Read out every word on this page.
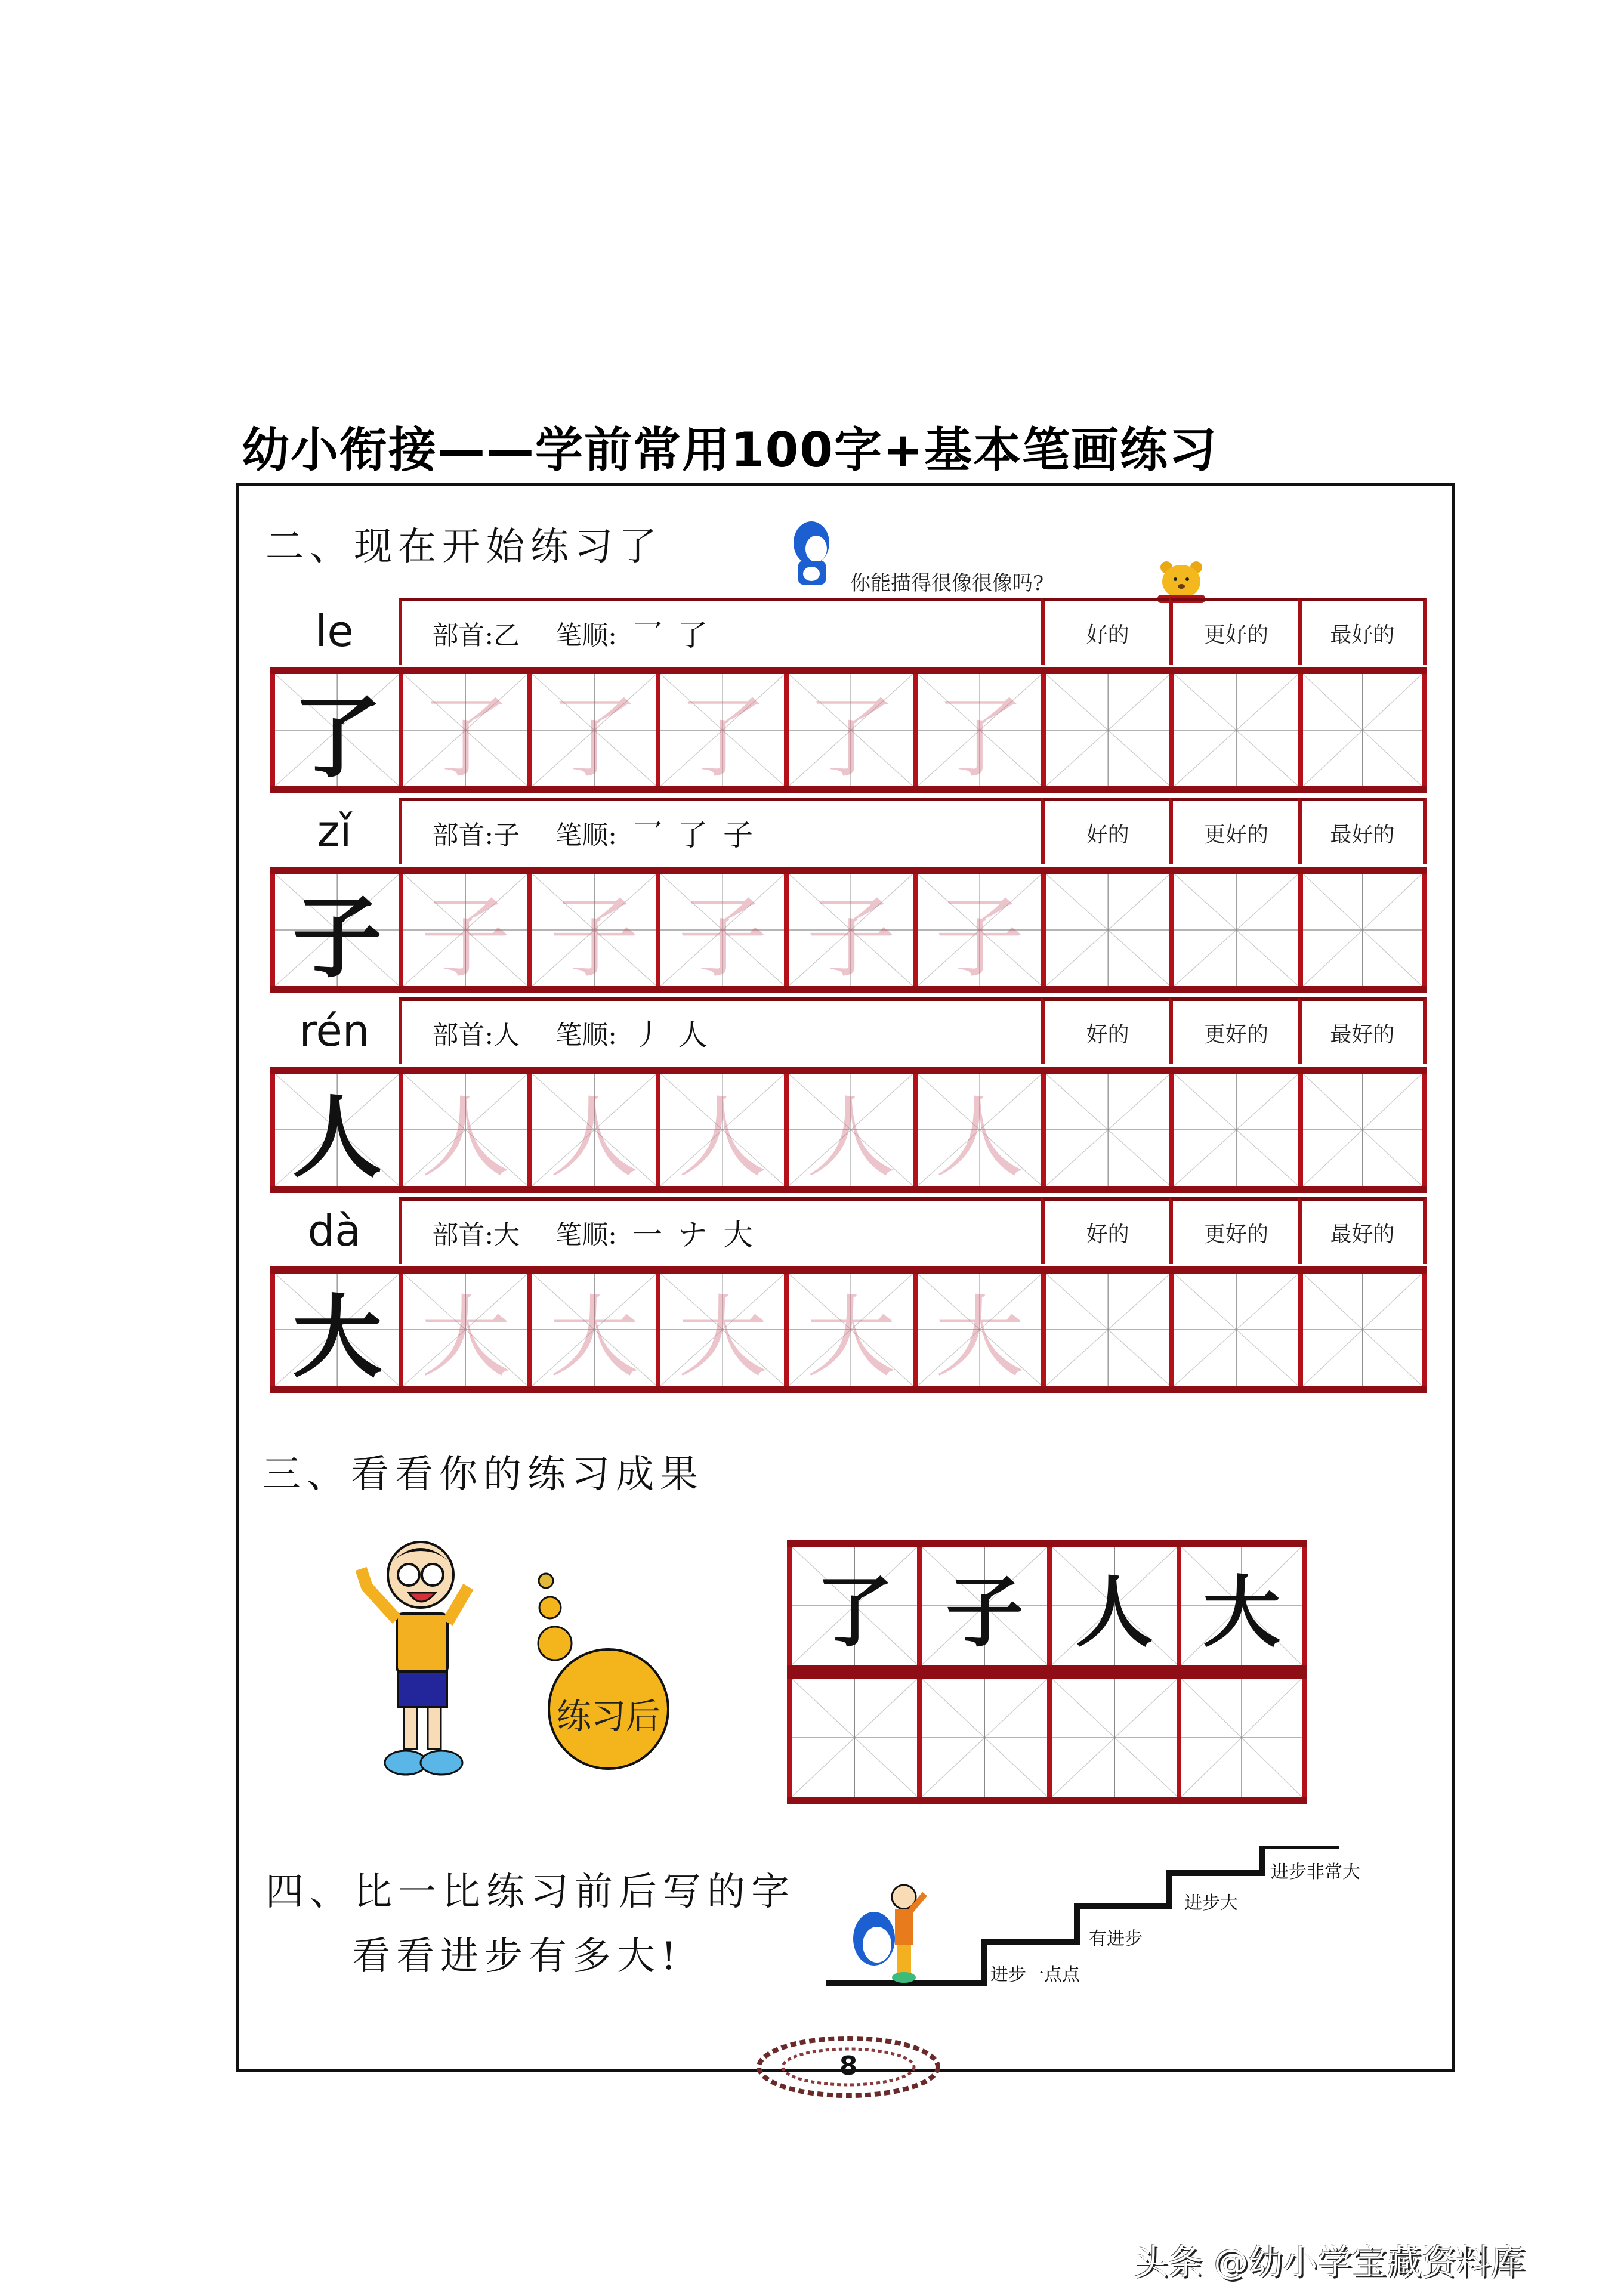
幼小衔接——学前常用100字+基本笔画练习
二、现在开始练习了
你能描得很像很像吗?
le	部首: 乙 笔顺: 乛 了	好的	更好的	最好的
了 了 了 了 了 了
zǐ	部首: 子 笔顺: 乛 了 子	好的	更好的	最好的
子 子 子 子 子 子
rén	部首: 人 笔顺: 丿 人	好的	更好的	最好的
人 人 人 人 人 人
dà	部首: 大 笔顺: 一 ナ 大	好的	更好的	最好的
大 大 大 大 大 大
三、看看你的练习成果
练习后
了 子 人 大
四、比一比练习前后写的字
看看进步有多大!	进步一点点
有进步
进步大
进步非常大
8
头条 @幼小学宝藏资料库
